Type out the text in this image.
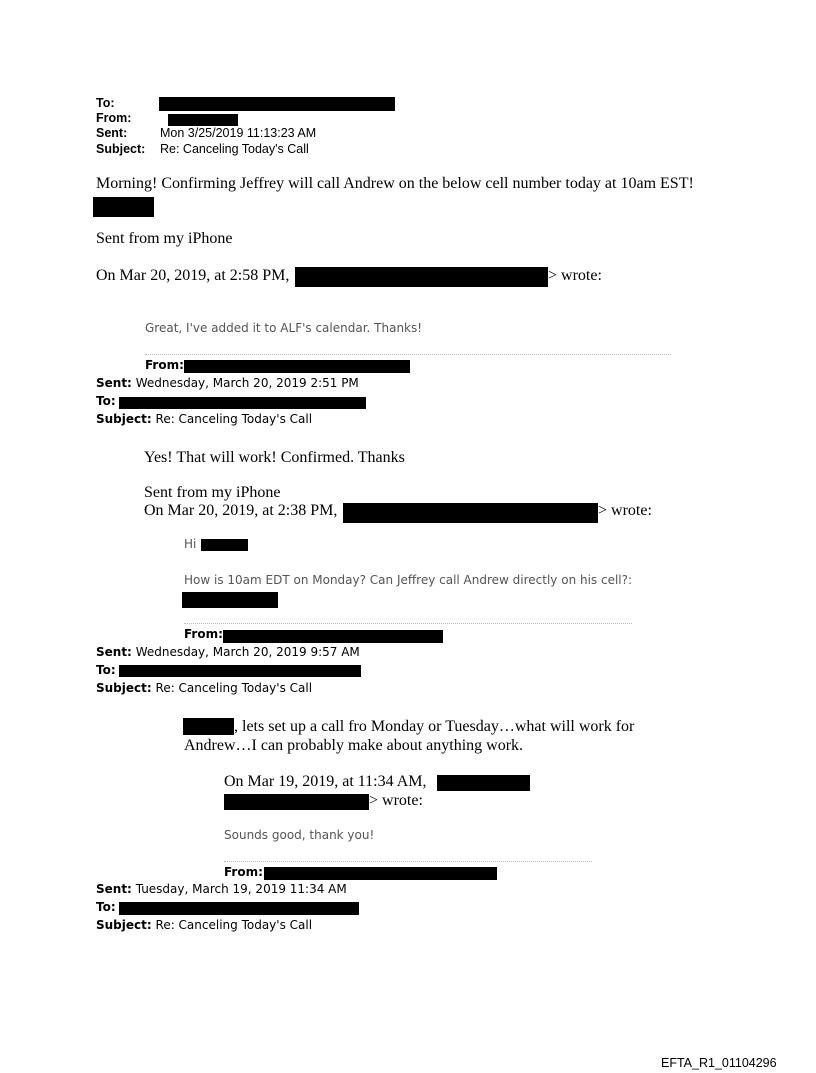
To:
From:
Sent:	Mon 3/25/2019 11:13:23 AM
Subject: Re: Canceling Today's Call
Morning! Confirming Jeffrey will call Andrew on the below cell number today at 10am EST!
Sent from my iPhone
On Mar 20, 2019, at 2:58 PM,	> wrote:
Great, I've added it to ALF's calendar. Thanks!
From:
Sent: Wednesday, March 20, 2019 2:51 PM
To:
Subject: Re: Canceling Today's Call
Yes! That will work! Confirmed. Thanks
Sent from my iPhone
On Mar 20, 2019, at 2:38 PM,	> wrote:
Hi
How is 10am EDT on Monday? Can Jeffrey call Andrew directly on his cell?:
From:
Sent: Wednesday, March 20, 2019 9:57 AM
To:
Subject: Re: Canceling Today's Call
, lets set up a call fro Monday or Tuesday…what will work for
Andrew…I can probably make about anything work.
On Mar 19, 2019, at 11:34 AM,
> wrote:
Sounds good, thank you!
From:
Sent: Tuesday, March 19, 2019 11:34 AM
To:
Subject: Re: Canceling Today's Call
EFTA_R1_01104296
